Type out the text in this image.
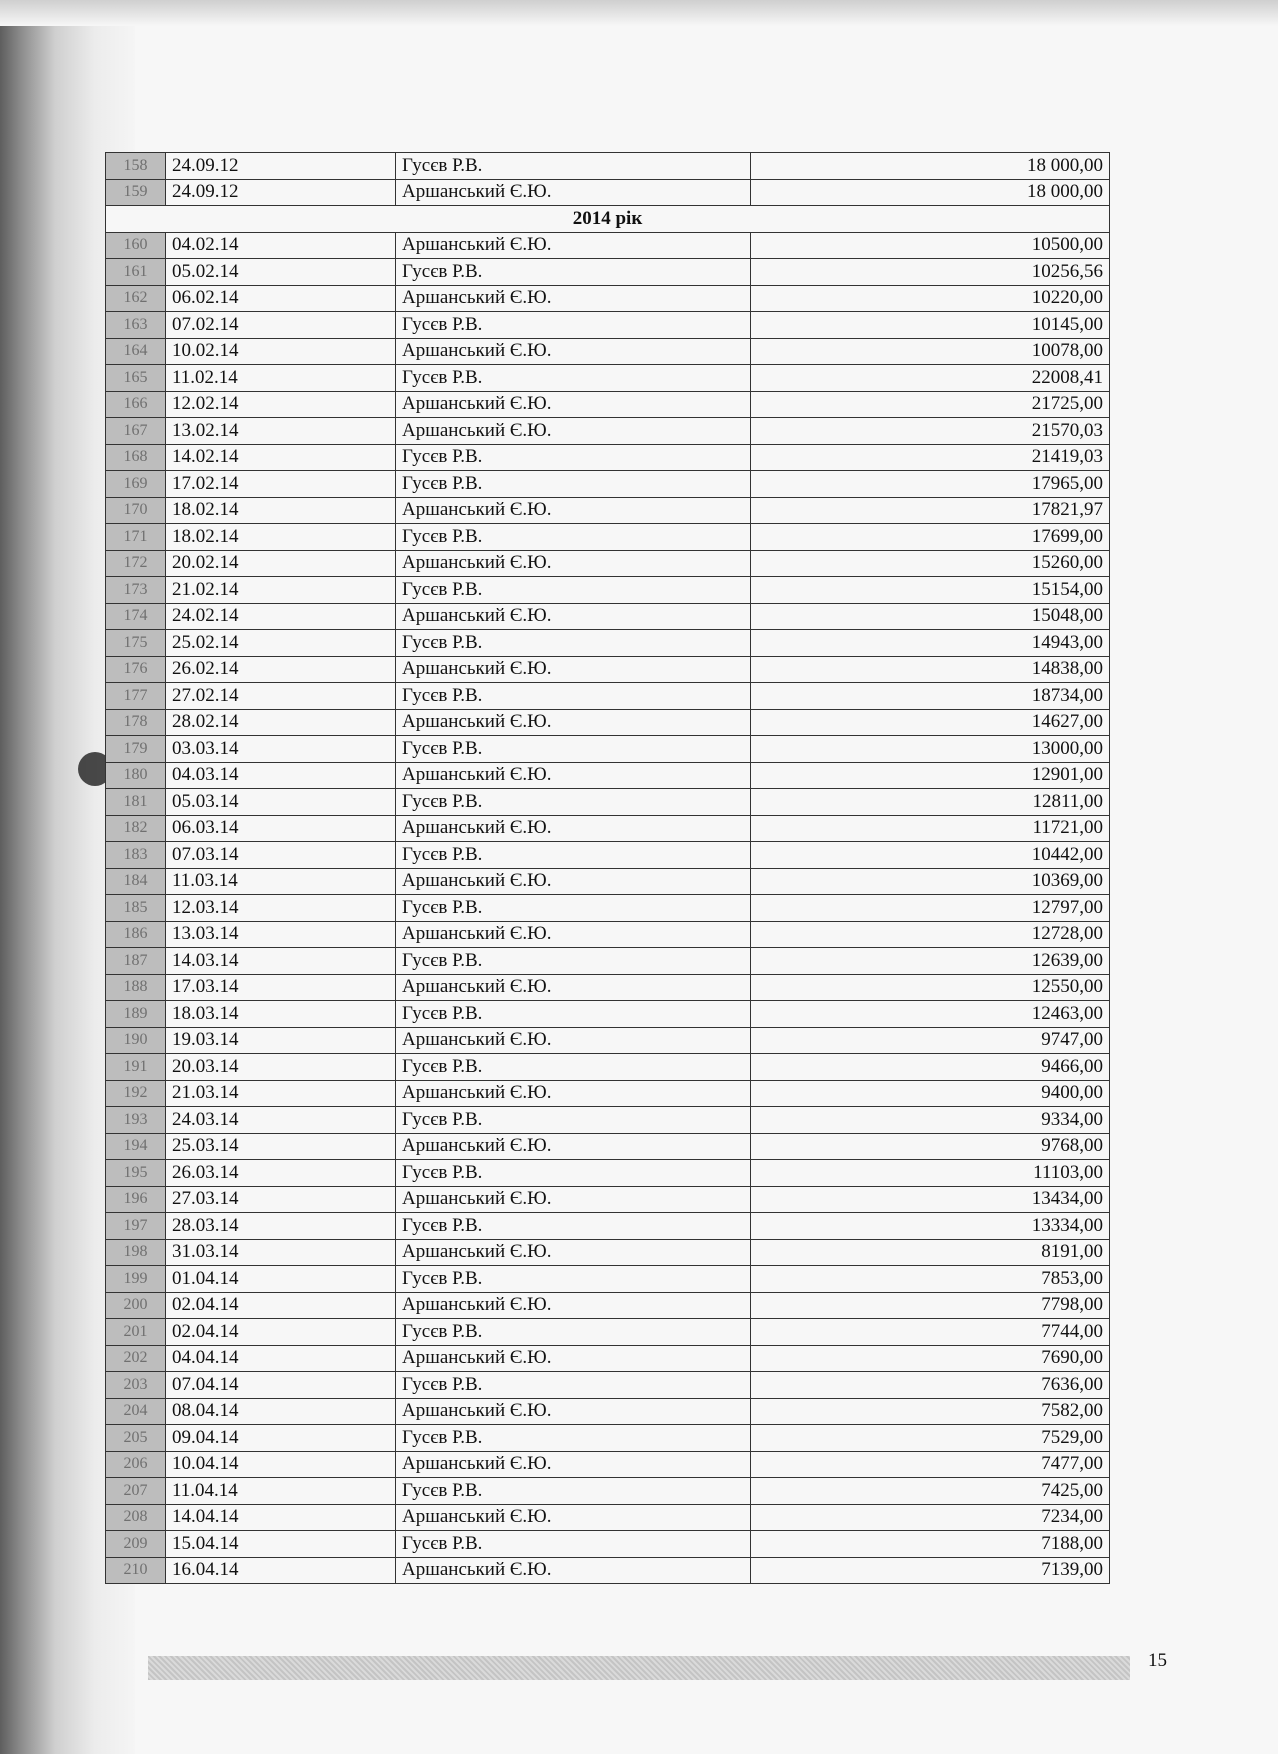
158	24.09.12	Гусєв Р.В.	18 000,00
159	24.09.12	Аршанський Є.Ю.	18 000,00
2014 рік			
160	04.02.14	Аршанський Є.Ю.	10500,00
161	05.02.14	Гусєв Р.В.	10256,56
162	06.02.14	Аршанський Є.Ю.	10220,00
163	07.02.14	Гусєв Р.В.	10145,00
164	10.02.14	Аршанський Є.Ю.	10078,00
165	11.02.14	Гусєв Р.В.	22008,41
166	12.02.14	Аршанський Є.Ю.	21725,00
167	13.02.14	Аршанський Є.Ю.	21570,03
168	14.02.14	Гусєв Р.В.	21419,03
169	17.02.14	Гусєв Р.В.	17965,00
170	18.02.14	Аршанський Є.Ю.	17821,97
171	18.02.14	Гусєв Р.В.	17699,00
172	20.02.14	Аршанський Є.Ю.	15260,00
173	21.02.14	Гусєв Р.В.	15154,00
174	24.02.14	Аршанський Є.Ю.	15048,00
175	25.02.14	Гусєв Р.В.	14943,00
176	26.02.14	Аршанський Є.Ю.	14838,00
177	27.02.14	Гусєв Р.В.	18734,00
178	28.02.14	Аршанський Є.Ю.	14627,00
179	03.03.14	Гусєв Р.В.	13000,00
180	04.03.14	Аршанський Є.Ю.	12901,00
181	05.03.14	Гусєв Р.В.	12811,00
182	06.03.14	Аршанський Є.Ю.	11721,00
183	07.03.14	Гусєв Р.В.	10442,00
184	11.03.14	Аршанський Є.Ю.	10369,00
185	12.03.14	Гусєв Р.В.	12797,00
186	13.03.14	Аршанський Є.Ю.	12728,00
187	14.03.14	Гусєв Р.В.	12639,00
188	17.03.14	Аршанський Є.Ю.	12550,00
189	18.03.14	Гусєв Р.В.	12463,00
190	19.03.14	Аршанський Є.Ю.	9747,00
191	20.03.14	Гусєв Р.В.	9466,00
192	21.03.14	Аршанський Є.Ю.	9400,00
193	24.03.14	Гусєв Р.В.	9334,00
194	25.03.14	Аршанський Є.Ю.	9768,00
195	26.03.14	Гусєв Р.В.	11103,00
196	27.03.14	Аршанський Є.Ю.	13434,00
197	28.03.14	Гусєв Р.В.	13334,00
198	31.03.14	Аршанський Є.Ю.	8191,00
199	01.04.14	Гусєв Р.В.	7853,00
200	02.04.14	Аршанський Є.Ю.	7798,00
201	02.04.14	Гусєв Р.В.	7744,00
202	04.04.14	Аршанський Є.Ю.	7690,00
203	07.04.14	Гусєв Р.В.	7636,00
204	08.04.14	Аршанський Є.Ю.	7582,00
205	09.04.14	Гусєв Р.В.	7529,00
206	10.04.14	Аршанський Є.Ю.	7477,00
207	11.04.14	Гусєв Р.В.	7425,00
208	14.04.14	Аршанський Є.Ю.	7234,00
209	15.04.14	Гусєв Р.В.	7188,00
210	16.04.14	Аршанський Є.Ю.	7139,00
15
